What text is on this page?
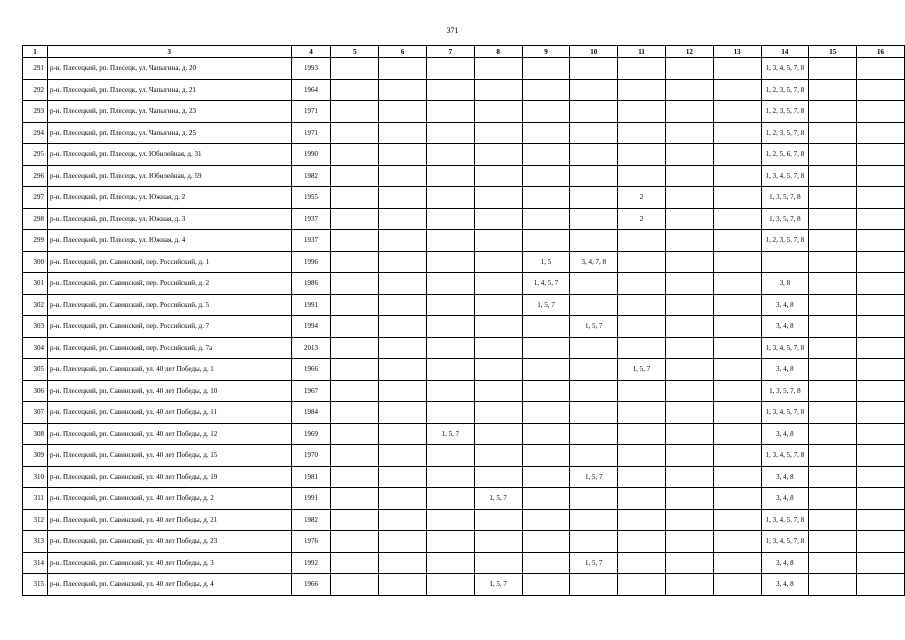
371
1	3	4	5	6	7	8	9	10	11	12	13	14	15	16
291	р-н. Плесецкий, рп. Плесецк, ул. Чапыгина, д. 20	1993										1, 3, 4, 5, 7, 8		
292	р-н. Плесецкий, рп. Плесецк, ул. Чапыгина, д. 21	1964										1, 2, 3, 5, 7, 8		
293	р-н. Плесецкий, рп. Плесецк, ул. Чапыгина, д. 23	1971										1, 2, 3, 5, 7, 8		
294	р-н. Плесецкий, рп. Плесецк, ул. Чапыгина, д. 25	1971										1, 2, 3, 5, 7, 8		
295	р-н. Плесецкий, рп. Плесецк, ул. Юбилейная, д. 31	1990										1, 2, 5, 6, 7, 8		
296	р-н. Плесецкий, рп. Плесецк, ул. Юбилейная, д. 59	1982										1, 3, 4, 5, 7, 8		
297	р-н. Плесецкий, рп. Плесецк, ул. Южная, д. 2	1955							2			1, 3, 5, 7, 8		
298	р-н. Плесецкий, рп. Плесецк, ул. Южная, д. 3	1937							2			1, 3, 5, 7, 8		
299	р-н. Плесецкий, рп. Плесецк, ул. Южная, д. 4	1937										1, 2, 3, 5, 7, 8		
300	р-н. Плесецкий, рп. Савинский, пер. Российский, д. 1	1996					1, 5	3, 4, 7, 8						
301	р-н. Плесецкий, рп. Савинский, пер. Российский, д. 2	1986					1, 4, 5, 7					3, 8		
302	р-н. Плесецкий, рп. Савинский, пер. Российский, д. 5	1991					1, 5, 7					3, 4, 8		
303	р-н. Плесецкий, рп. Савинский, пер. Российский, д. 7	1994						1, 5, 7				3, 4, 8		
304	р-н. Плесецкий, рп. Савинский, пер. Российский, д. 7а	2013										1, 3, 4, 5, 7, 8		
305	р-н. Плесецкий, рп. Савинский, ул. 40 лет Победы, д. 1	1966							1, 5, 7			3, 4, 8		
306	р-н. Плесецкий, рп. Савинский, ул. 40 лет Победы, д. 10	1967										1, 3, 5, 7, 8		
307	р-н. Плесецкий, рп. Савинский, ул. 40 лет Победы, д. 11	1984										1, 3, 4, 5, 7, 8		
308	р-н. Плесецкий, рп. Савинский, ул. 40 лет Победы, д. 12	1969			1, 5, 7							3, 4, 8		
309	р-н. Плесецкий, рп. Савинский, ул. 40 лет Победы, д. 15	1970										1, 3, 4, 5, 7, 8		
310	р-н. Плесецкий, рп. Савинский, ул. 40 лет Победы, д. 19	1981						1, 5, 7				3, 4, 8		
311	р-н. Плесецкий, рп. Савинский, ул. 40 лет Победы, д. 2	1991				1, 5, 7						3, 4, 8		
312	р-н. Плесецкий, рп. Савинский, ул. 40 лет Победы, д. 21	1982										1, 3, 4, 5, 7, 8		
313	р-н. Плесецкий, рп. Савинский, ул. 40 лет Победы, д. 23	1976										1, 3, 4, 5, 7, 8		
314	р-н. Плесецкий, рп. Савинский, ул. 40 лет Победы, д. 3	1992						1, 5, 7				3, 4, 8		
315	р-н. Плесецкий, рп. Савинский, ул. 40 лет Победы, д. 4	1966				1, 5, 7						3, 4, 8		
